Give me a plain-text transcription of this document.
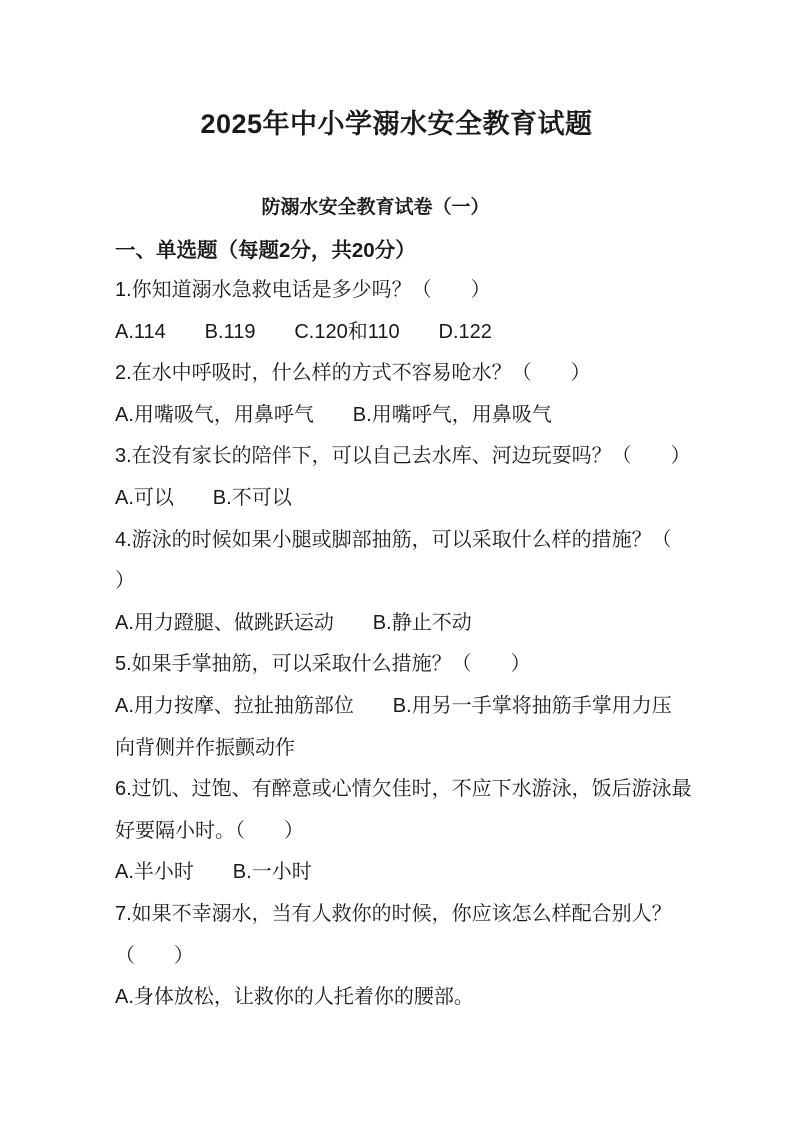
2025年中小学溺水安全教育试题
防溺水安全教育试卷（一）
一、单选题（每题2分，共20分）
1.你知道溺水急救电话是多少吗？（       ）
A.114       B.119       C.120和110       D.122
2.在水中呼吸时，什么样的方式不容易呛水？（       ）
A.用嘴吸气，用鼻呼气       B.用嘴呼气，用鼻吸气
3.在没有家长的陪伴下，可以自己去水库、河边玩耍吗？（       ）
A.可以       B.不可以
4.游泳的时候如果小腿或脚部抽筋，可以采取什么样的措施？（
）
A.用力蹬腿、做跳跃运动       B.静止不动
5.如果手掌抽筋，可以采取什么措施？（       ）
A.用力按摩、拉扯抽筋部位       B.用另一手掌将抽筋手掌用力压
向背侧并作振颤动作
6.过饥、过饱、有醉意或心情欠佳时，不应下水游泳，饭后游泳最
好要隔小时。（       ）
A.半小时       B.一小时
7.如果不幸溺水，当有人救你的时候，你应该怎么样配合别人？
（       ）
A.身体放松，让救你的人托着你的腰部。
